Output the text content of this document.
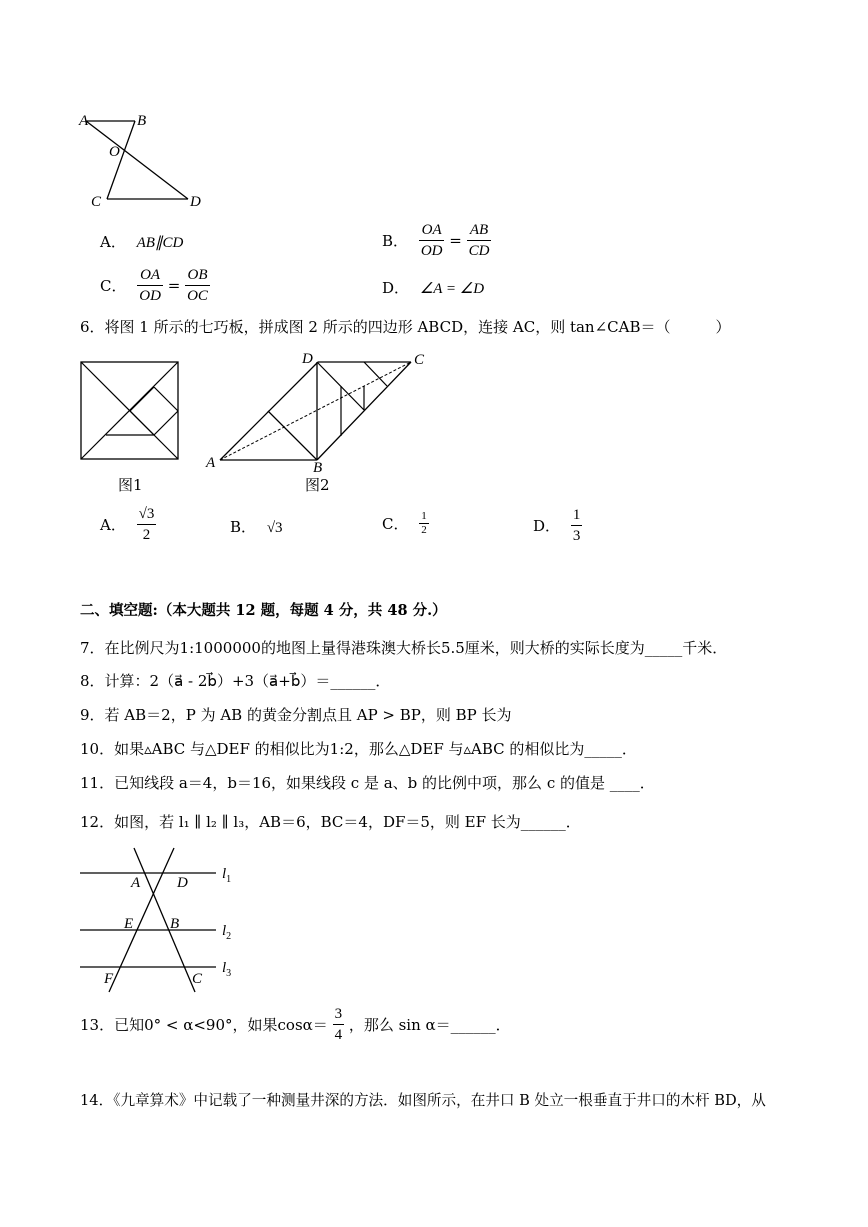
A	B
O
C	D
A． AB∥CD	B． $\frac{OA}{OD} = \frac{AB}{CD}$
C． $\frac{OA}{OD} = \frac{OB}{OC}$	D． ∠A = ∠D
6．将图 1 所示的七巧板，拼成图 2 所示的四边形 ABCD，连接 AC，则 tan∠CAB＝（　　　）
图1
D	C
A	B
图2
A． $\frac{√3}{2}$	B． √3	C． $\frac{1}{2}$	D． $\frac{1}{3}$
二、填空题:（本大题共 12 题，每题 4 分，共 48 分.）
7．在比例尺为1:1000000的地图上量得港珠澳大桥长5.5厘米，则大桥的实际长度为_____千米．
8．计算：2（a⃗ - 2b⃗）+3（a⃗+b⃗）＝______．
9．若 AB＝2，P 为 AB 的黄金分割点且 AP > BP，则 BP 长为
10．如果▵ABC 与△DEF 的相似比为1:2，那么△DEF 与▵ABC 的相似比为_____．
11．已知线段 a＝4，b＝16，如果线段 c 是 a、b 的比例中项，那么 c 的值是 ____．
12．如图，若 l₁ ∥ l₂ ∥ l₃，AB＝6，BC＝4，DF＝5，则 EF 长为______．
A D
E B
F	C
$l_1$
$l_2$
$l_3$
13．已知0° < α<90°，如果$\cos\alpha= \frac{3}{4}$ ，那么 sin α＝______．
14．《九章算术》中记载了一种测量井深的方法．如图所示，在井口 B 处立一根垂直于井口的木杆 BD，从
